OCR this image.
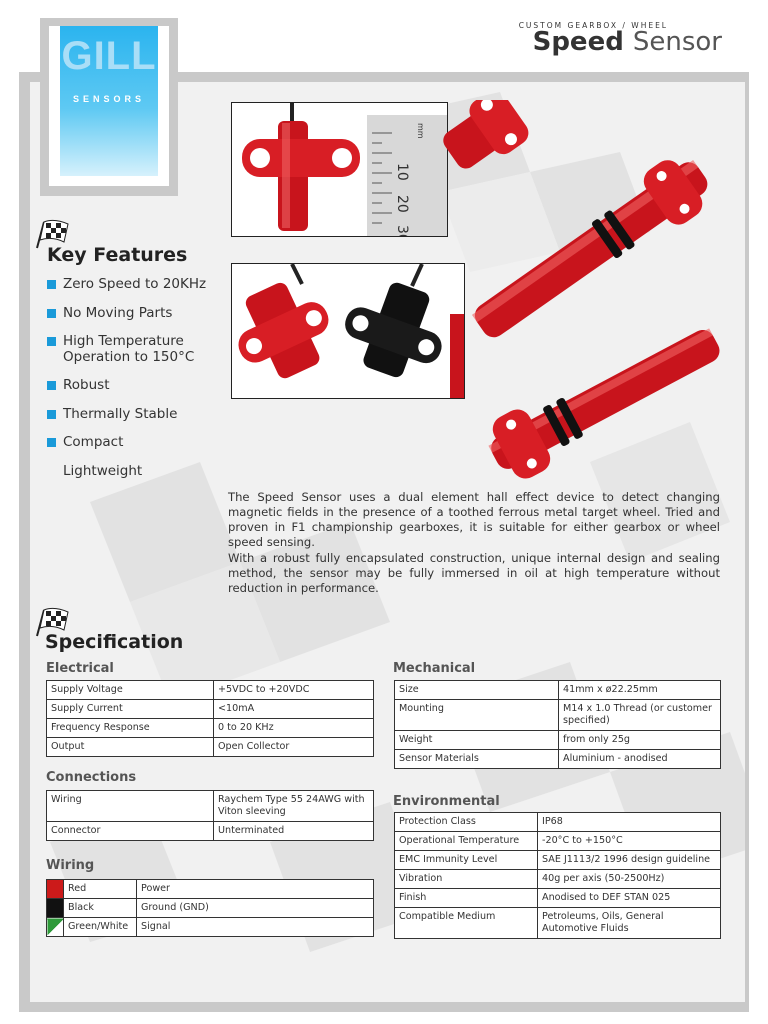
GILL
SENSORS
CUSTOM GEARBOX / WHEEL
Speed Sensor
10
20
30
mm
Key Features
Zero Speed to 20KHz
No Moving Parts
High Temperature
Operation to 150°C
Robust
Thermally Stable
Compact
Lightweight
The Speed Sensor uses a dual element hall effect device to detect changing magnetic fields in the presence of a toothed ferrous metal target wheel. Tried and proven in F1 championship gearboxes, it is suitable for either gearbox or wheel speed sensing.
With a robust fully encapsulated construction, unique internal design and sealing method, the sensor may be fully immersed in oil at high temperature without reduction in performance.
Specification
Electrical
Supply Voltage	+5VDC to +20VDC
Supply Current	<10mA
Frequency Response	0 to 20 KHz
Output	Open Collector
Connections
Wiring	Raychem Type 55 24AWG with Viton sleeving
Connector	Unterminated
Wiring
	Red	Power
	Black	Ground (GND)
	Green/White	Signal
Mechanical
Size	41mm x ø22.25mm
Mounting	M14 x 1.0 Thread (or customer specified)
Weight	from only 25g
Sensor Materials	Aluminium - anodised
Environmental
Protection Class	IP68
Operational Temperature	-20°C to +150°C
EMC Immunity Level	SAE J1113/2 1996 design guideline
Vibration	40g per axis (50-2500Hz)
Finish	Anodised to DEF STAN 025
Compatible Medium	Petroleums, Oils, General Automotive Fluids
